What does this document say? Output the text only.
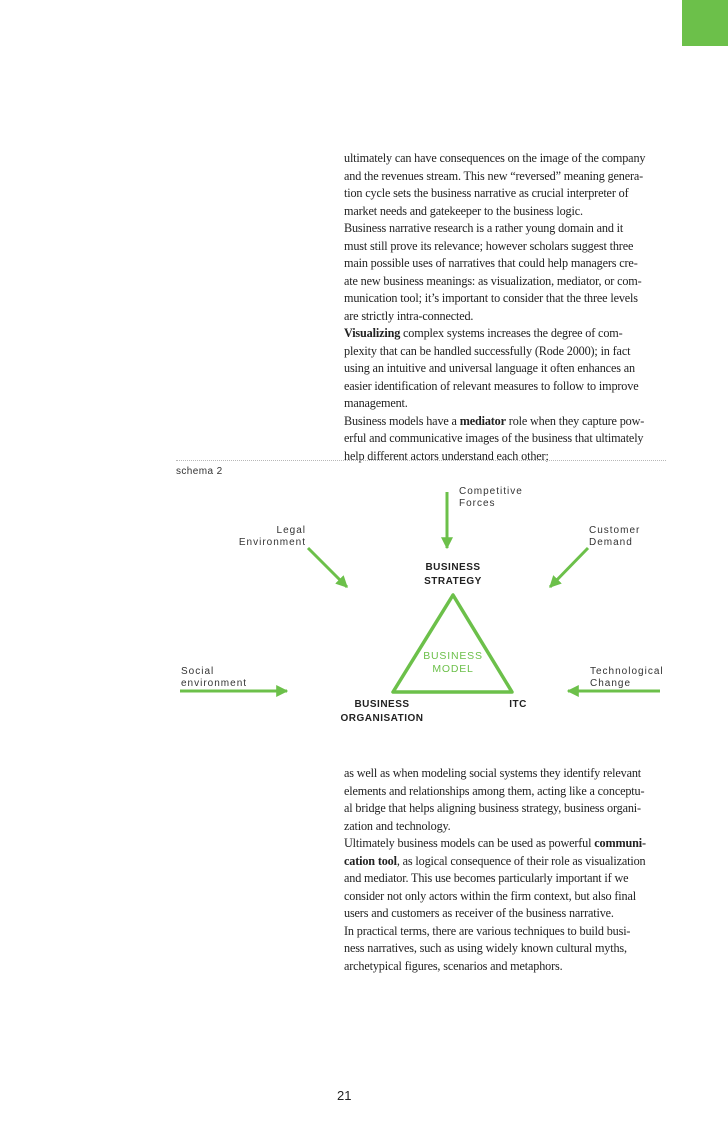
ultimately can have consequences on the image of the company
and the revenues stream. This new “reversed” meaning genera-
tion cycle sets the business narrative as crucial interpreter of
market needs and gatekeeper to the business logic.

Business narrative research is a rather young domain and it
must still prove its relevance; however scholars suggest three
main possible uses of narratives that could help managers cre-
ate new business meanings: as visualization, mediator, or com-
munication tool; it’s important to consider that the three levels
are strictly intra-connected.

Visualizing complex systems increases the degree of com-
plexity that can be handled successfully (Rode 2000); in fact
using an intuitive and universal language it often enhances an
easier identification of relevant measures to follow to improve
management.

Business models have a mediator role when they capture pow-
erful and communicative images of the business that ultimately
help different actors understand each other;

schema 2
Competitive
Forces
Legal
Environment
Customer
Demand
BUSINESS
STRATEGY
BUSINESS
MODEL
Social
environment
Technological
Change
BUSINESS
ORGANISATION
ITC

as well as when modeling social systems they identify relevant
elements and relationships among them, acting like a conceptu-
al bridge that helps aligning business strategy, business organi-
zation and technology.

Ultimately business models can be used as powerful communi-
cation tool, as logical consequence of their role as visualization
and mediator. This use becomes particularly important if we
consider not only actors within the firm context, but also final
users and customers as receiver of the business narrative.

In practical terms, there are various techniques to build busi-
ness narratives, such as using widely known cultural myths,
archetypical figures, scenarios and metaphors.

21
